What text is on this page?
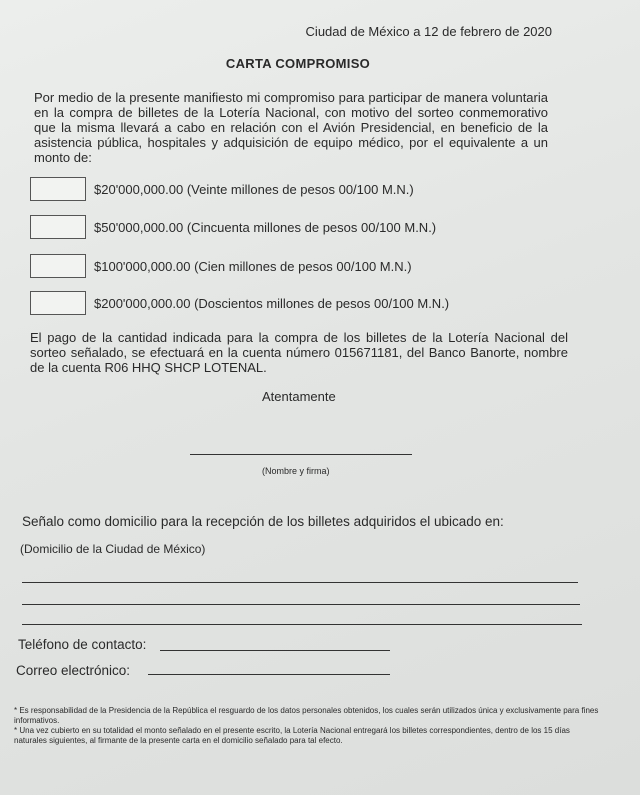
Ciudad de México a 12 de febrero de 2020
CARTA COMPROMISO
Por medio de la presente manifiesto mi compromiso para participar de manera voluntaria en la compra de billetes de la Lotería Nacional, con motivo del sorteo conmemorativo que la misma llevará a cabo en relación con el Avión Presidencial, en beneficio de la asistencia pública, hospitales y adquisición de equipo médico, por el equivalente a un monto de:
$20'000,000.00 (Veinte millones de pesos 00/100 M.N.)
$50'000,000.00 (Cincuenta millones de pesos 00/100 M.N.)
$100'000,000.00 (Cien millones de pesos 00/100 M.N.)
$200'000,000.00 (Doscientos millones de pesos 00/100 M.N.)
El pago de la cantidad indicada para la compra de los billetes de la Lotería Nacional del sorteo señalado, se efectuará en la cuenta número 015671181, del Banco Banorte, nombre de la cuenta R06 HHQ SHCP LOTENAL.
Atentamente
(Nombre y firma)
Señalo como domicilio para la recepción de los billetes adquiridos el ubicado en:
(Domicilio de la Ciudad de México)
Teléfono de contacto:
Correo electrónico:

* Es responsabilidad de la Presidencia de la República el resguardo de los datos personales obtenidos, los cuales serán utilizados única y exclusivamente para fines informativos.

* Una vez cubierto en su totalidad el monto señalado en el presente escrito, la Lotería Nacional entregará los billetes correspondientes, dentro de los 15 días naturales siguientes, al firmante de la presente carta en el domicilio señalado para tal efecto.
